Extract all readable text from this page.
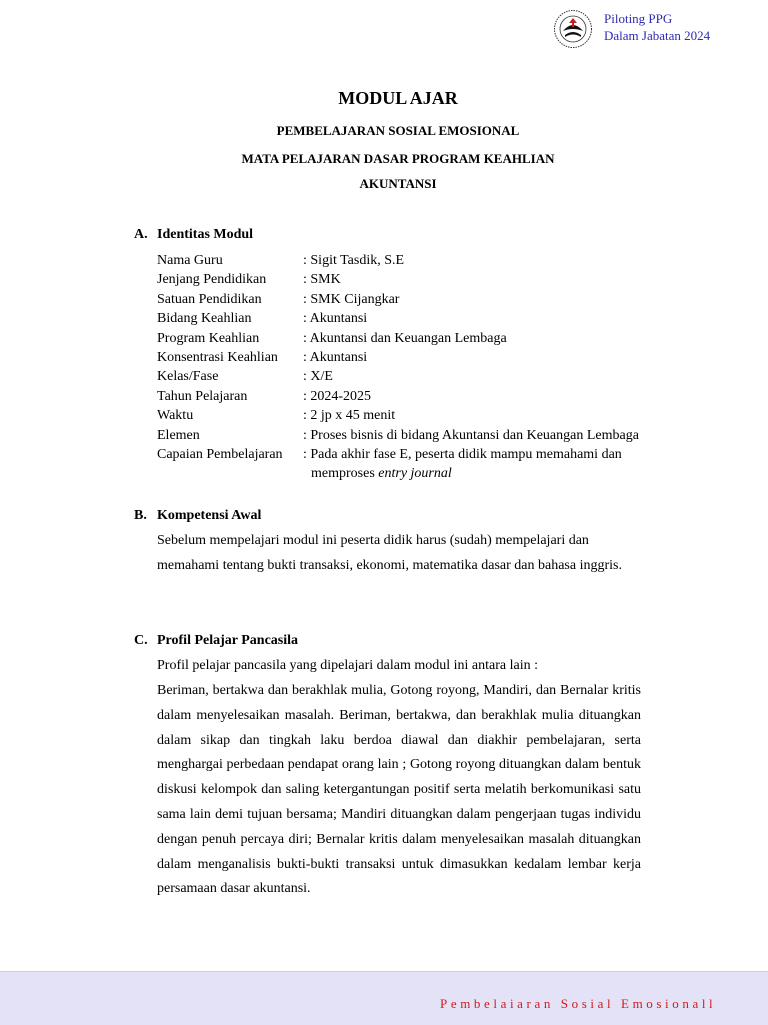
Piloting PPG
Dalam Jabatan 2024
MODUL AJAR
PEMBELAJARAN SOSIAL EMOSIONAL
MATA PELAJARAN DASAR PROGRAM KEAHLIAN
AKUNTANSI
A. Identitas Modul
Nama Guru	: Sigit Tasdik, S.E
Jenjang Pendidikan	: SMK
Satuan Pendidikan	: SMK Cijangkar
Bidang Keahlian	: Akuntansi
Program Keahlian	: Akuntansi dan Keuangan Lembaga
Konsentrasi Keahlian : Akuntansi
Kelas/Fase	: X/E
Tahun Pelajaran	: 2024-2025
Waktu	: 2 jp x 45 menit
Elemen	: Proses bisnis di bidang Akuntansi dan Keuangan Lembaga
Capaian Pembelajaran : Pada akhir fase E, peserta didik mampu memahami dan
memproses entry journal
B. Kompetensi Awal
Sebelum mempelajari modul ini peserta didik harus (sudah) mempelajari dan memahami tentang bukti transaksi, ekonomi, matematika dasar dan bahasa inggris.
C. Profil Pelajar Pancasila
Profil pelajar pancasila yang dipelajari dalam modul ini antara lain :
Beriman, bertakwa dan berakhlak mulia, Gotong royong, Mandiri, dan Bernalar kritis dalam menyelesaikan masalah. Beriman, bertakwa, dan berakhlak mulia dituangkan dalam sikap dan tingkah laku berdoa diawal dan diakhir pembelajaran, serta menghargai perbedaan pendapat orang lain ; Gotong royong dituangkan dalam bentuk diskusi kelompok dan saling ketergantungan positif serta melatih berkomunikasi satu sama lain demi tujuan bersama; Mandiri dituangkan dalam pengerjaan tugas individu dengan penuh percaya diri; Bernalar kritis dalam menyelesaikan masalah dituangkan dalam menganalisis bukti-bukti transaksi untuk dimasukkan kedalam lembar kerja persamaan dasar akuntansi.
Pembelaiaran Sosial Emosionall
